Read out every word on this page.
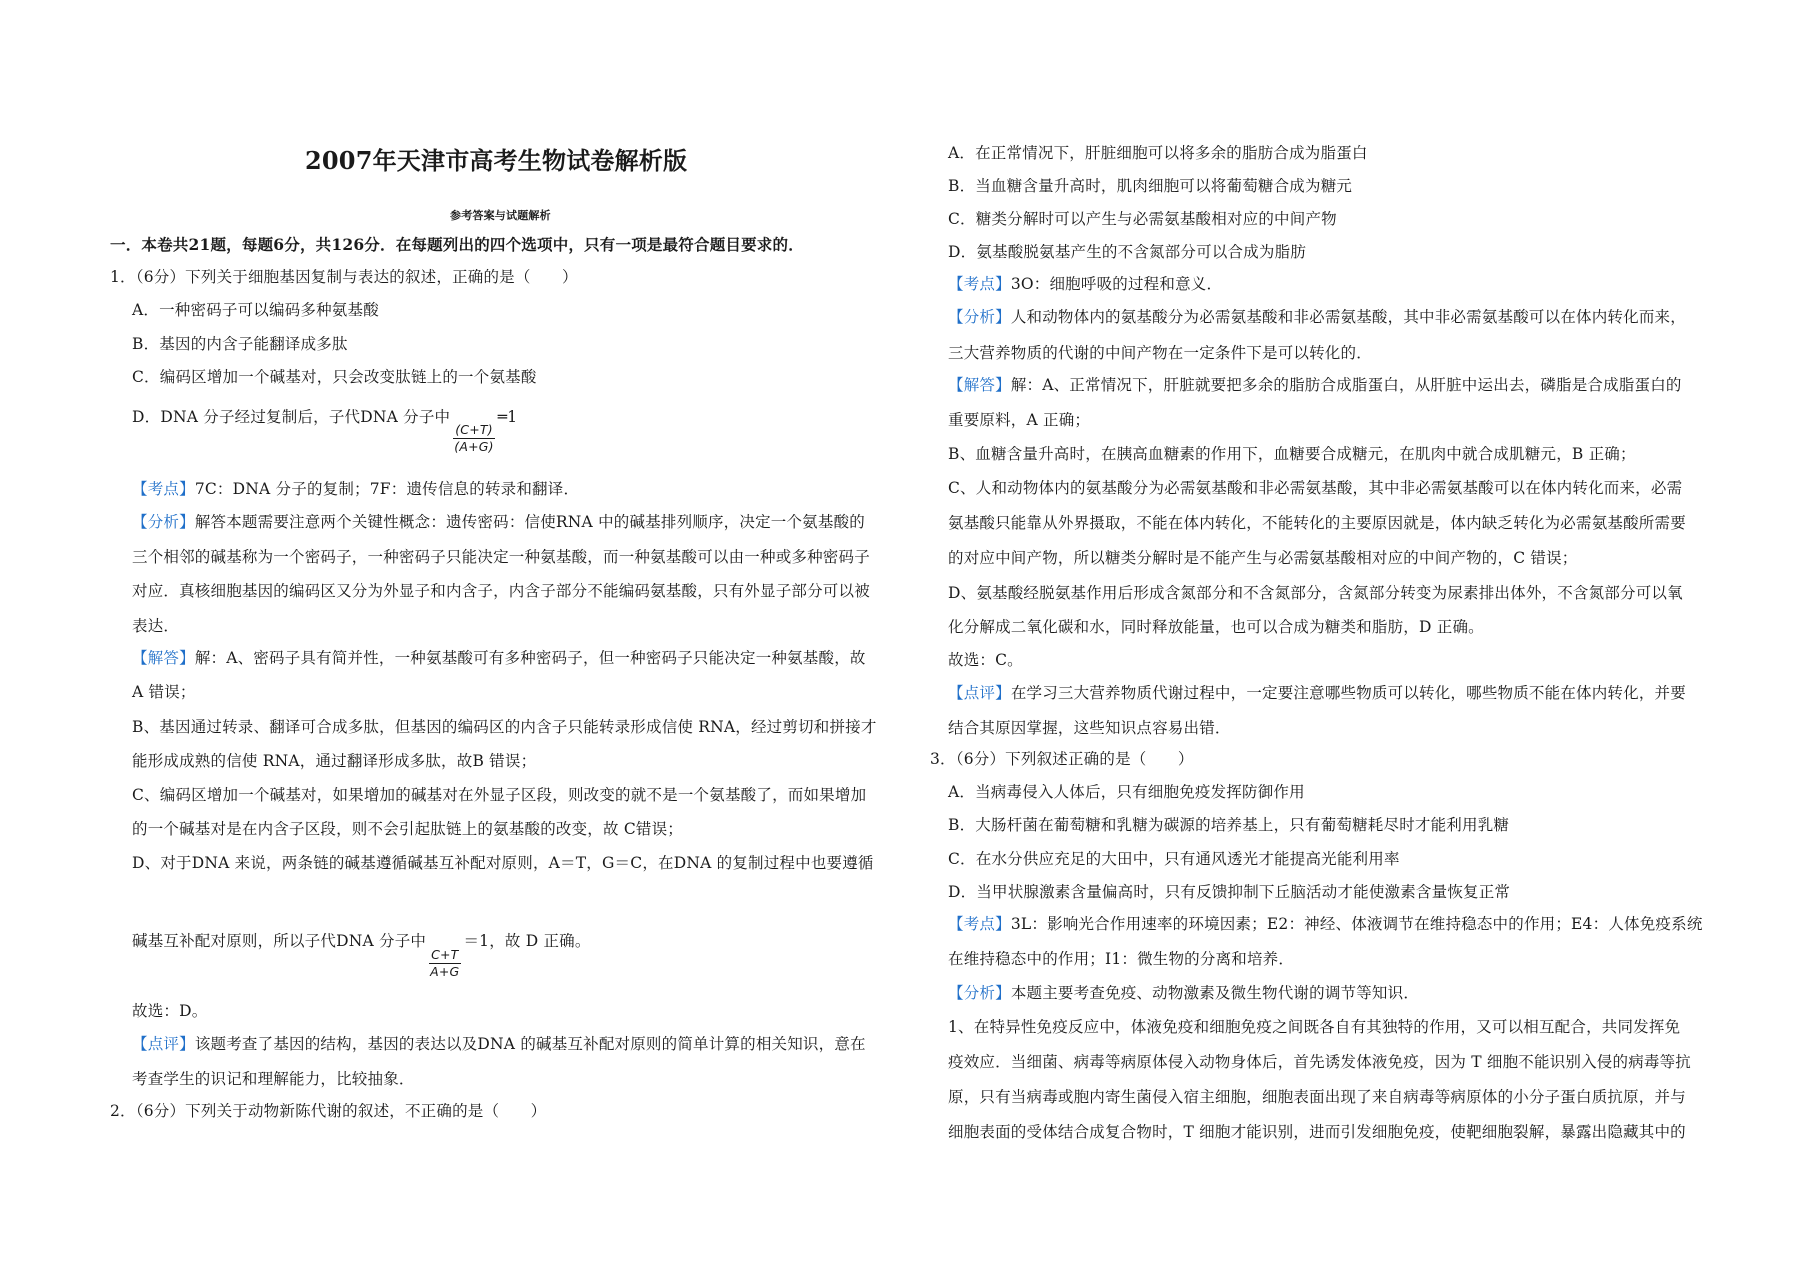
2007年天津市高考生物试卷解析版
参考答案与试题解析
一．本卷共21题，每题6分，共126分．在每题列出的四个选项中，只有一项是最符合题目要求的．
1．（6分）下列关于细胞基因复制与表达的叙述，正确的是（　　）
A．一种密码子可以编码多种氨基酸
B．基因的内含子能翻译成多肽
C．编码区增加一个碱基对，只会改变肽链上的一个氨基酸
D．DNA 分子经过复制后，子代DNA 分子中
$\frac{(C+T)}{(A+G)}$
═1
【考点】7C：DNA 分子的复制；7F：遗传信息的转录和翻译．
【分析】解答本题需要注意两个关键性概念：遗传密码：信使RNA 中的碱基排列顺序，决定一个氨基酸的
三个相邻的碱基称为一个密码子，一种密码子只能决定一种氨基酸，而一种氨基酸可以由一种或多种密码子
对应．真核细胞基因的编码区又分为外显子和内含子，内含子部分不能编码氨基酸，只有外显子部分可以被
表达．
【解答】解：A、密码子具有简并性，一种氨基酸可有多种密码子，但一种密码子只能决定一种氨基酸，故
A 错误；
B、基因通过转录、翻译可合成多肽，但基因的编码区的内含子只能转录形成信使 RNA，经过剪切和拼接才
能形成成熟的信使 RNA，通过翻译形成多肽，故B 错误；
C、编码区增加一个碱基对，如果增加的碱基对在外显子区段，则改变的就不是一个氨基酸了，而如果增加
的一个碱基对是在内含子区段，则不会引起肽链上的氨基酸的改变，故 C错误；
D、对于DNA 来说，两条链的碱基遵循碱基互补配对原则，A＝T，G＝C，在DNA 的复制过程中也要遵循
碱基互补配对原则，所以子代DNA 分子中
$\frac{C+T}{A+G}$
＝1，故 D 正确。
故选：D。
【点评】该题考查了基因的结构，基因的表达以及DNA 的碱基互补配对原则的简单计算的相关知识，意在
考查学生的识记和理解能力，比较抽象．
2．（6分）下列关于动物新陈代谢的叙述，不正确的是（　　）
A．在正常情况下，肝脏细胞可以将多余的脂肪合成为脂蛋白
B．当血糖含量升高时，肌肉细胞可以将葡萄糖合成为糖元
C．糖类分解时可以产生与必需氨基酸相对应的中间产物
D．氨基酸脱氨基产生的不含氮部分可以合成为脂肪
【考点】3O：细胞呼吸的过程和意义．
【分析】人和动物体内的氨基酸分为必需氨基酸和非必需氨基酸，其中非必需氨基酸可以在体内转化而来，
三大营养物质的代谢的中间产物在一定条件下是可以转化的．
【解答】解：A、正常情况下，肝脏就要把多余的脂肪合成脂蛋白，从肝脏中运出去，磷脂是合成脂蛋白的
重要原料，A 正确；
B、血糖含量升高时，在胰高血糖素的作用下，血糖要合成糖元，在肌肉中就合成肌糖元，B 正确；
C、人和动物体内的氨基酸分为必需氨基酸和非必需氨基酸，其中非必需氨基酸可以在体内转化而来，必需
氨基酸只能靠从外界摄取，不能在体内转化，不能转化的主要原因就是，体内缺乏转化为必需氨基酸所需要
的对应中间产物，所以糖类分解时是不能产生与必需氨基酸相对应的中间产物的，C 错误；
D、氨基酸经脱氨基作用后形成含氮部分和不含氮部分，含氮部分转变为尿素排出体外，不含氮部分可以氧
化分解成二氧化碳和水，同时释放能量，也可以合成为糖类和脂肪，D 正确。
故选：C。
【点评】在学习三大营养物质代谢过程中，一定要注意哪些物质可以转化，哪些物质不能在体内转化，并要
结合其原因掌握，这些知识点容易出错．
3．（6分）下列叙述正确的是（　　）
A．当病毒侵入人体后，只有细胞免疫发挥防御作用
B．大肠杆菌在葡萄糖和乳糖为碳源的培养基上，只有葡萄糖耗尽时才能利用乳糖
C．在水分供应充足的大田中，只有通风透光才能提高光能利用率
D．当甲状腺激素含量偏高时，只有反馈抑制下丘脑活动才能使激素含量恢复正常
【考点】3L：影响光合作用速率的环境因素；E2：神经、体液调节在维持稳态中的作用；E4：人体免疫系统
在维持稳态中的作用；I1：微生物的分离和培养．
【分析】本题主要考查免疫、动物激素及微生物代谢的调节等知识．
1、在特异性免疫反应中，体液免疫和细胞免疫之间既各自有其独特的作用，又可以相互配合，共同发挥免
疫效应．当细菌、病毒等病原体侵入动物身体后，首先诱发体液免疫，因为 T 细胞不能识别入侵的病毒等抗
原，只有当病毒或胞内寄生菌侵入宿主细胞，细胞表面出现了来自病毒等病原体的小分子蛋白质抗原，并与
细胞表面的受体结合成复合物时，T 细胞才能识别，进而引发细胞免疫，使靶细胞裂解，暴露出隐藏其中的
